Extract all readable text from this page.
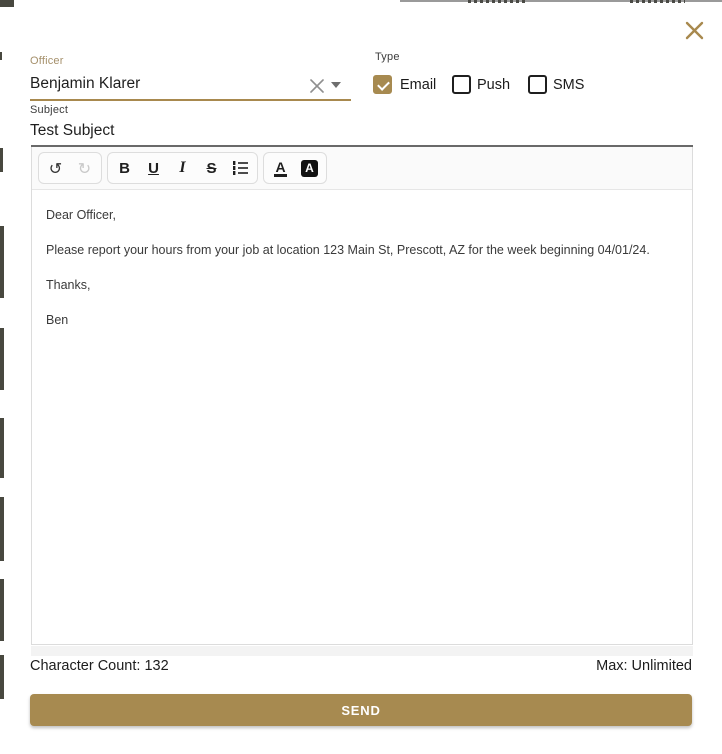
Officer
Benjamin Klarer
Type
Email	Push	SMS
Subject
Test Subject
↺ ↻	B	U	I	S	A	A

Dear Officer,

Please report your hours from your job at location 123 Main St, Prescott, AZ for the week beginning 04/01/24.

Thanks,

Ben

Character Count: 132	Max: Unlimited
SEND
